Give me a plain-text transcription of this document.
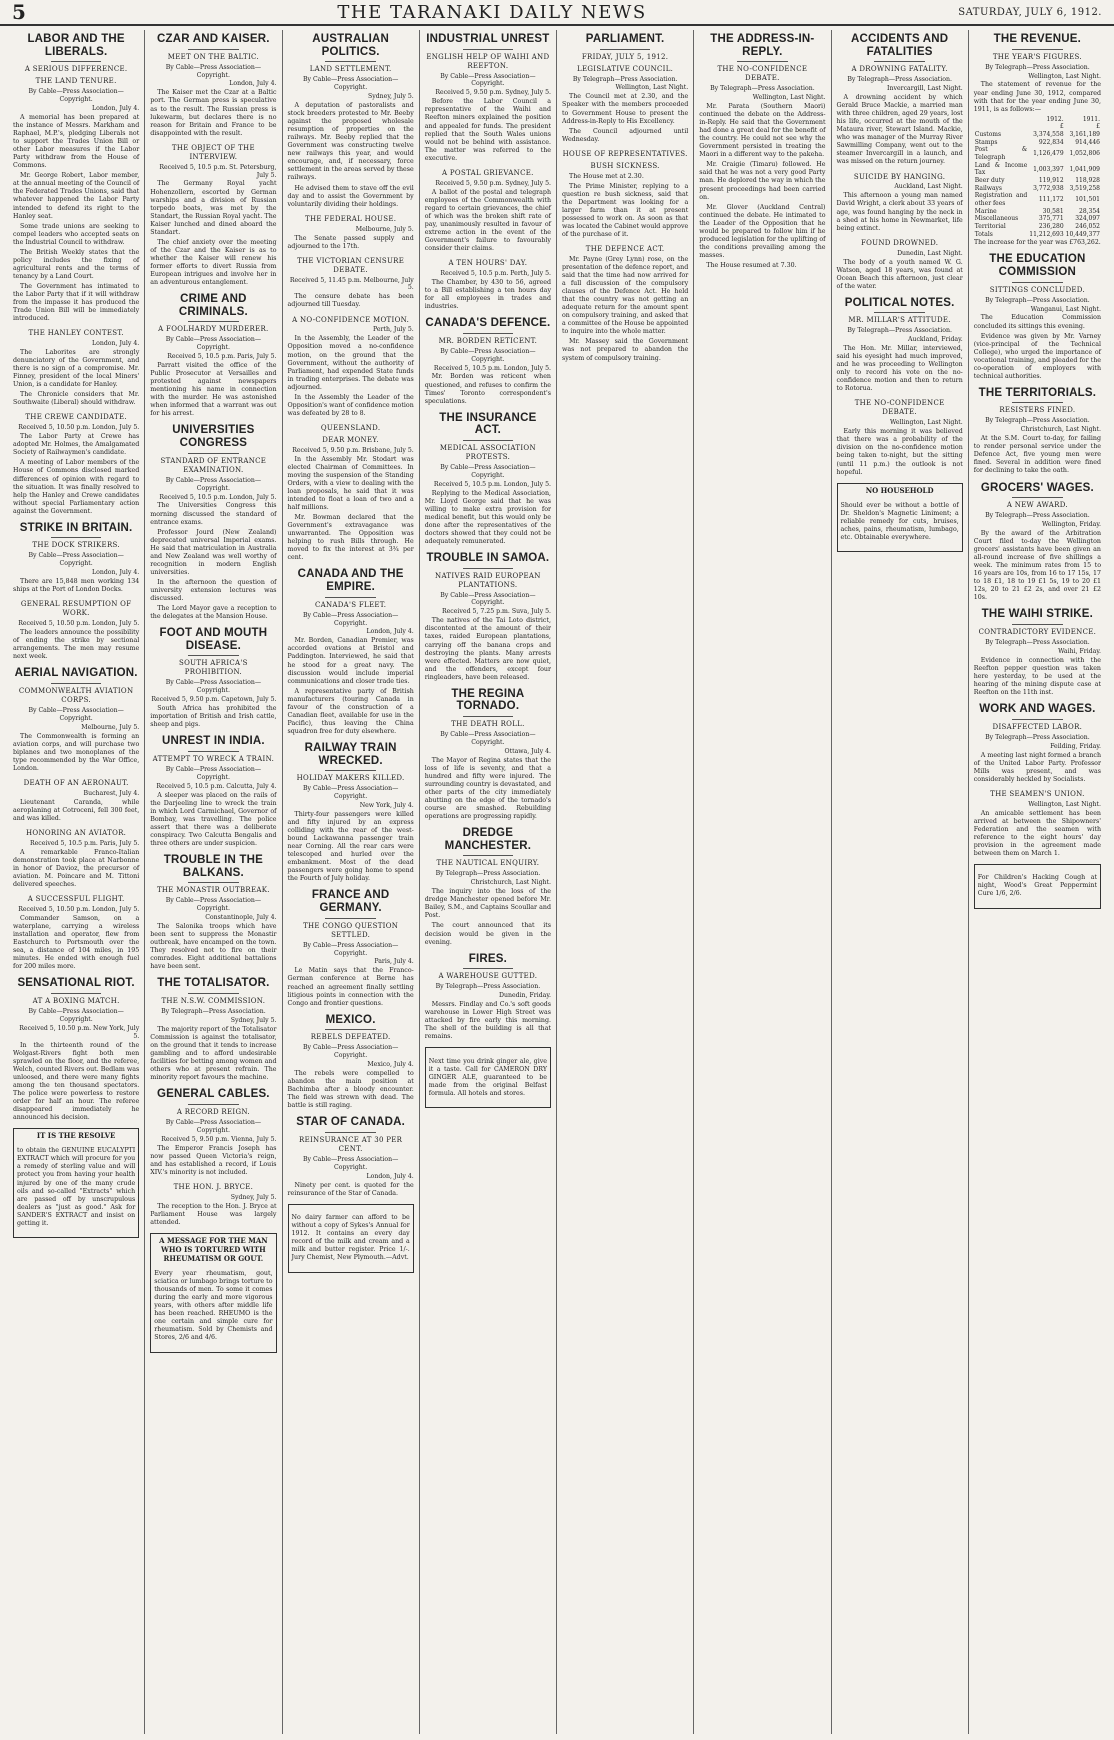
5	THE TARANAKI DAILY NEWS	SATURDAY, JULY 6, 1912.
LABOR AND THE LIBERALS.
A SERIOUS DIFFERENCE.
THE LAND TENURE.
By Cable—Press Association—Copyright.
London, July 4.

A memorial has been prepared at the instance of Messrs. Markham and Raphael, M.P.'s, pledging Liberals not to support the Trades Union Bill or other Labor measures if the Labor Party withdraw from the House of Commons.

Mr. George Robert, Labor member, at the annual meeting of the Council of the Federated Trades Unions, said that whatever happened the Labor Party intended to defend its right to the Hanley seat.

Some trade unions are seeking to compel leaders who accepted seats on the Industrial Council to withdraw.

The British Weekly states that the policy includes the fixing of agricultural rents and the terms of tenancy by a Land Court.

The Government has intimated to the Labor Party that if it will withdraw from the impasse it has produced the Trade Union Bill will be immediately introduced.

THE HANLEY CONTEST.
London, July 4.

The Laborites are strongly denunciatory of the Government, and there is no sign of a compromise. Mr. Finney, president of the local Miners' Union, is a candidate for Hanley.

The Chronicle considers that Mr. Southwaite (Liberal) should withdraw.

THE CREWE CANDIDATE.
Received 5, 10.50 p.m. London, July 5.

The Labor Party at Crewe has adopted Mr. Holmes, the Amalgamated Society of Railwaymen's candidate.

A meeting of Labor members of the House of Commons disclosed marked differences of opinion with regard to the situation. It was finally resolved to help the Hanley and Crewe candidates without special Parliamentary action against the Government.

STRIKE IN BRITAIN.
THE DOCK STRIKERS.
By Cable—Press Association—Copyright.
London, July 4.

There are 15,848 men working 134 ships at the Port of London Docks.

GENERAL RESUMPTION OF WORK.
Received 5, 10.50 p.m. London, July 5.

The leaders announce the possibility of ending the strike by sectional arrangements. The men may resume next week.

AERIAL NAVIGATION.
COMMONWEALTH AVIATION CORPS.
By Cable—Press Association—Copyright.
Melbourne, July 5.

The Commonwealth is forming an aviation corps, and will purchase two biplanes and two monoplanes of the type recommended by the War Office, London.

DEATH OF AN AERONAUT.
Bucharest, July 4.

Lieutenant Caranda, while aeroplaning at Cotroceni, fell 300 feet, and was killed.

HONORING AN AVIATOR.
Received 5, 10.5 p.m. Paris, July 5.

A remarkable Franco-Italian demonstration took place at Narbonne in honor of Davioz, the precursor of aviation. M. Poincare and M. Tittoni delivered speeches.

A SUCCESSFUL FLIGHT.
Received 5, 10.50 p.m. London, July 5.

Commander Samson, on a waterplane, carrying a wireless installation and operator, flew from Eastchurch to Portsmouth over the sea, a distance of 104 miles, in 195 minutes. He ended with enough fuel for 200 miles more.

SENSATIONAL RIOT.
AT A BOXING MATCH.
By Cable—Press Association—Copyright.
Received 5, 10.50 p.m. New York, July 5.

In the thirteenth round of the Wolgast-Rivers fight both men sprawled on the floor, and the referee, Welch, counted Rivers out. Bedlam was unloosed, and there were many fights among the ten thousand spectators. The police were powerless to restore order for half an hour. The referee disappeared immediately he announced his decision.

IT IS THE RESOLVE

to obtain the GENUINE EUCALYPTI EXTRACT which will procure for you a remedy of sterling value and will protect you from having your health injured by one of the many crude oils and so-called "Extracts" which are passed off by unscrupulous dealers as "just as good." Ask for SANDER'S EXTRACT and insist on getting it.

CZAR AND KAISER.
MEET ON THE BALTIC.
By Cable—Press Association—Copyright.
London, July 4.

The Kaiser met the Czar at a Baltic port. The German press is speculative as to the result. The Russian press is lukewarm, but declares there is no reason for Britain and France to be disappointed with the result.

THE OBJECT OF THE INTERVIEW.
Received 5, 10.5 p.m. St. Petersburg, July 5.

The Germany Royal yacht Hohenzollern, escorted by German warships and a division of Russian torpedo boats, was met by the Standart, the Russian Royal yacht. The Kaiser lunched and dined aboard the Standart.

The chief anxiety over the meeting of the Czar and the Kaiser is as to whether the Kaiser will renew his former efforts to divert Russia from European intrigues and involve her in an adventurous entanglement.

CRIME AND CRIMINALS.
A FOOLHARDY MURDERER.
By Cable—Press Association—Copyright.
Received 5, 10.5 p.m. Paris, July 5.

Parratt visited the office of the Public Prosecutor at Versailles and protested against newspapers mentioning his name in connection with the murder. He was astonished when informed that a warrant was out for his arrest.

UNIVERSITIES CONGRESS
STANDARD OF ENTRANCE EXAMINATION.
By Cable—Press Association—Copyright.
Received 5, 10.5 p.m. London, July 5.

The Universities Congress this morning discussed the standard of entrance exams.

Professor Jourd (New Zealand) deprecated universal Imperial exams. He said that matriculation in Australia and New Zealand was well worthy of recognition in modern English universities.

In the afternoon the question of university extension lectures was discussed.

The Lord Mayor gave a reception to the delegates at the Mansion House.

FOOT AND MOUTH DISEASE.
SOUTH AFRICA'S PROHIBITION.
By Cable—Press Association—Copyright.
Received 5, 9.50 p.m. Capetown, July 5.

South Africa has prohibited the importation of British and Irish cattle, sheep and pigs.

UNREST IN INDIA.
ATTEMPT TO WRECK A TRAIN.
By Cable—Press Association—Copyright.
Received 5, 10.5 p.m. Calcutta, July 4.

A sleeper was placed on the rails of the Darjeeling line to wreck the train in which Lord Carmichael, Governor of Bombay, was travelling. The police assert that there was a deliberate conspiracy. Two Calcutta Bengalis and three others are under suspicion.

TROUBLE IN THE BALKANS.
THE MONASTIR OUTBREAK.
By Cable—Press Association—Copyright.
Constantinople, July 4.

The Salonika troops which have been sent to suppress the Monastir outbreak, have encamped on the town. They resolved not to fire on their comrades. Eight additional battalions have been sent.

THE TOTALISATOR.
THE N.S.W. COMMISSION.
By Telegraph—Press Association.
Sydney, July 5.

The majority report of the Totalisator Commission is against the totalisator, on the ground that it tends to increase gambling and to afford undesirable facilities for betting among women and others who at present refrain. The minority report favours the machine.

GENERAL CABLES.
A RECORD REIGN.
By Cable—Press Association—Copyright.
Received 5, 9.50 p.m. Vienna, July 5.

The Emperor Francis Joseph has now passed Queen Victoria's reign, and has established a record, if Louis XIV.'s minority is not included.

THE HON. J. BRYCE.
Sydney, July 5.

The reception to the Hon. J. Bryce at Parliament House was largely attended.

A MESSAGE FOR THE MAN WHO IS TORTURED WITH RHEUMATISM OR GOUT.

Every year rheumatism, gout, sciatica or lumbago brings torture to thousands of men. To some it comes during the early and more vigorous years, with others after middle life has been reached. RHEUMO is the one certain and simple cure for rheumatism. Sold by Chemists and Stores, 2/6 and 4/6.

AUSTRALIAN POLITICS.
LAND SETTLEMENT.
By Cable—Press Association—Copyright.
Sydney, July 5.

A deputation of pastoralists and stock breeders protested to Mr. Beeby against the proposed wholesale resumption of properties on the railways. Mr. Beeby replied that the Government was constructing twelve new railways this year, and would encourage, and, if necessary, force settlement in the areas served by these railways.

He advised them to stave off the evil day and to assist the Government by voluntarily dividing their holdings.

THE FEDERAL HOUSE.
Melbourne, July 5.

The Senate passed supply and adjourned to the 17th.

THE VICTORIAN CENSURE DEBATE.
Received 5, 11.45 p.m. Melbourne, July 5.

The censure debate has been adjourned till Tuesday.

A NO-CONFIDENCE MOTION.
Perth, July 5.

In the Assembly, the Leader of the Opposition moved a no-confidence motion, on the ground that the Government, without the authority of Parliament, had expended State funds in trading enterprises. The debate was adjourned.

In the Assembly the Leader of the Opposition's want of confidence motion was defeated by 28 to 8.

QUEENSLAND.
DEAR MONEY.
Received 5, 9.50 p.m. Brisbane, July 5.

In the Assembly Mr. Stodart was elected Chairman of Committees. In moving the suspension of the Standing Orders, with a view to dealing with the loan proposals, he said that it was intended to float a loan of two and a half millions.

Mr. Bowman declared that the Government's extravagance was unwarranted. The Opposition was helping to rush Bills through. He moved to fix the interest at 3¾ per cent.

CANADA AND THE EMPIRE.
CANADA'S FLEET.
By Cable—Press Association—Copyright.
London, July 4.

Mr. Borden, Canadian Premier, was accorded ovations at Bristol and Paddington. Interviewed, he said that he stood for a great navy. The discussion would include imperial communications and closer trade ties.

A representative party of British manufacturers (touring Canada in favour of the construction of a Canadian fleet, available for use in the Pacific), thus leaving the China squadron free for duty elsewhere.

RAILWAY TRAIN WRECKED.
HOLIDAY MAKERS KILLED.
By Cable—Press Association—Copyright.
New York, July 4.

Thirty-four passengers were killed and fifty injured by an express colliding with the rear of the west-bound Lackawanna passenger train near Corning. All the rear cars were telescoped and hurled over the embankment. Most of the dead passengers were going home to spend the Fourth of July holiday.

FRANCE AND GERMANY.
THE CONGO QUESTION SETTLED.
By Cable—Press Association—Copyright.
Paris, July 4.

Le Matin says that the Franco-German conference at Berne has reached an agreement finally settling litigious points in connection with the Congo and frontier questions.

MEXICO.
REBELS DEFEATED.
By Cable—Press Association—Copyright.
Mexico, July 4.

The rebels were compelled to abandon the main position at Bachimba after a bloody encounter. The field was strewn with dead. The battle is still raging.

STAR OF CANADA.
REINSURANCE AT 30 PER CENT.
By Cable—Press Association—Copyright.
London, July 4.

Ninety per cent. is quoted for the reinsurance of the Star of Canada.

No dairy farmer can afford to be without a copy of Sykes's Annual for 1912. It contains an every day record of the milk and cream and a milk and butter register. Price 1/-. Jury Chemist, New Plymouth.—Advt.

INDUSTRIAL UNREST
ENGLISH HELP OF WAIHI AND REEFTON.
By Cable—Press Association—Copyright.
Received 5, 9.50 p.m. Sydney, July 5.

Before the Labor Council a representative of the Waihi and Reefton miners explained the position and appealed for funds. The president replied that the South Wales unions would not be behind with assistance. The matter was referred to the executive.

A POSTAL GRIEVANCE.
Received 5, 9.50 p.m. Sydney, July 5.

A ballot of the postal and telegraph employees of the Commonwealth with regard to certain grievances, the chief of which was the broken shift rate of pay, unanimously resulted in favour of extreme action in the event of the Government's failure to favourably consider their claims.

A TEN HOURS' DAY.
Received 5, 10.5 p.m. Perth, July 5.

The Chamber, by 430 to 56, agreed to a Bill establishing a ten hours day for all employees in trades and industries.

CANADA'S DEFENCE.
MR. BORDEN RETICENT.
By Cable—Press Association—Copyright.
Received 5, 10.5 p.m. London, July 5.

Mr. Borden was reticent when questioned, and refuses to confirm the Times' Toronto correspondent's speculations.

THE INSURANCE ACT.
MEDICAL ASSOCIATION PROTESTS.
By Cable—Press Association—Copyright.
Received 5, 10.5 p.m. London, July 5.

Replying to the Medical Association, Mr. Lloyd George said that he was willing to make extra provision for medical benefit, but this would only be done after the representatives of the doctors showed that they could not be adequately remunerated.

TROUBLE IN SAMOA.
NATIVES RAID EUROPEAN PLANTATIONS.
By Cable—Press Association—Copyright.
Received 5, 7.25 p.m. Suva, July 5.

The natives of the Tai Loto district, discontented at the amount of their taxes, raided European plantations, carrying off the banana crops and destroying the plants. Many arrests were effected. Matters are now quiet, and the offenders, except four ringleaders, have been released.

THE REGINA TORNADO.
THE DEATH ROLL.
By Cable—Press Association—Copyright.
Ottawa, July 4.

The Mayor of Regina states that the loss of life is seventy, and that a hundred and fifty were injured. The surrounding country is devastated, and other parts of the city immediately abutting on the edge of the tornado's course are smashed. Rebuilding operations are progressing rapidly.

DREDGE MANCHESTER.
THE NAUTICAL ENQUIRY.
By Telegraph—Press Association.
Christchurch, Last Night.

The inquiry into the loss of the dredge Manchester opened before Mr. Bailey, S.M., and Captains Scoullar and Post.

The court announced that its decision would be given in the evening.

FIRES.
A WAREHOUSE GUTTED.
By Telegraph—Press Association.
Dunedin, Friday.

Messrs. Findlay and Co.'s soft goods warehouse in Lower High Street was attacked by fire early this morning. The shell of the building is all that remains.

Next time you drink ginger ale, give it a taste. Call for CAMERON DRY GINGER ALE, guaranteed to be made from the original Belfast formula. All hotels and stores.

PARLIAMENT.
FRIDAY, JULY 5, 1912.
LEGISLATIVE COUNCIL.
By Telegraph—Press Association.
Wellington, Last Night.

The Council met at 2.30, and the Speaker with the members proceeded to Government House to present the Address-in-Reply to His Excellency.

The Council adjourned until Wednesday.

HOUSE OF REPRESENTATIVES.
BUSH SICKNESS.

The House met at 2.30.

The Prime Minister, replying to a question re bush sickness, said that the Department was looking for a larger farm than it at present possessed to work on. As soon as that was located the Cabinet would approve of the purchase of it.

THE DEFENCE ACT.

Mr. Payne (Grey Lynn) rose, on the presentation of the defence report, and said that the time had now arrived for a full discussion of the compulsory clauses of the Defence Act. He held that the country was not getting an adequate return for the amount spent on compulsory training, and asked that a committee of the House be appointed to inquire into the whole matter.

Mr. Massey said the Government was not prepared to abandon the system of compulsory training.

THE ADDRESS-IN-REPLY.
THE NO-CONFIDENCE DEBATE.
By Telegraph—Press Association.
Wellington, Last Night.

Mr. Parata (Southern Maori) continued the debate on the Address-in-Reply. He said that the Government had done a great deal for the benefit of the country. He could not see why the Government persisted in treating the Maori in a different way to the pakeha.

Mr. Craigie (Timaru) followed. He said that he was not a very good Party man. He deplored the way in which the present proceedings had been carried on.

Mr. Glover (Auckland Central) continued the debate. He intimated to the Leader of the Opposition that he would be prepared to follow him if he produced legislation for the uplifting of the conditions prevailing among the masses.

The House resumed at 7.30.

ACCIDENTS AND FATALITIES
A DROWNING FATALITY.
By Telegraph—Press Association.
Invercargill, Last Night.

A drowning accident by which Gerald Bruce Mackie, a married man with three children, aged 29 years, lost his life, occurred at the mouth of the Mataura river, Stewart Island. Mackie, who was manager of the Murray River Sawmilling Company, went out to the steamer Invercargill in a launch, and was missed on the return journey.

SUICIDE BY HANGING.
Auckland, Last Night.

This afternoon a young man named David Wright, a clerk about 33 years of age, was found hanging by the neck in a shed at his home in Newmarket, life being extinct.

FOUND DROWNED.
Dunedin, Last Night.

The body of a youth named W. G. Watson, aged 18 years, was found at Ocean Beach this afternoon, just clear of the water.

POLITICAL NOTES.
MR. MILLAR'S ATTITUDE.
By Telegraph—Press Association.
Auckland, Friday.

The Hon. Mr. Millar, interviewed, said his eyesight had much improved, and he was proceeding to Wellington only to record his vote on the no-confidence motion and then to return to Rotorua.

THE NO-CONFIDENCE DEBATE.
Wellington, Last Night.

Early this morning it was believed that there was a probability of the division on the no-confidence motion being taken to-night, but the sitting (until 11 p.m.) the outlook is not hopeful.

NO HOUSEHOLD

Should ever be without a bottle of Dr. Sheldon's Magnetic Liniment; a reliable remedy for cuts, bruises, aches, pains, rheumatism, lumbago, etc. Obtainable everywhere.

THE REVENUE.
THE YEAR'S FIGURES.
By Telegraph—Press Association.
Wellington, Last Night.

The statement of revenue for the year ending June 30, 1912, compared with that for the year ending June 30, 1911, is as follows:—

	1912.	1911.
	£	£
Customs	3,374,558	3,161,189
Stamps	922,834	914,446
Post & Telegraph	1,126,479	1,052,806
Land & Income Tax	1,003,397	1,041,909
Beer duty	119,912	118,928
Railways	3,772,938	3,519,258
Registration and other fees	111,172	101,501
Marine	30,581	28,354
Miscellaneous	375,771	324,097
Territorial	236,280	246,052
Totals	11,212,693	10,449,377
The increase for the year was £763,262.
THE EDUCATION COMMISSION
SITTINGS CONCLUDED.
By Telegraph—Press Association.
Wanganui, Last Night.

The Education Commission concluded its sittings this evening.

Evidence was given by Mr. Varney (vice-principal of the Technical College), who urged the importance of vocational training, and pleaded for the co-operation of employers with technical authorities.

THE TERRITORIALS.
RESISTERS FINED.
By Telegraph—Press Association.
Christchurch, Last Night.

At the S.M. Court to-day, for failing to render personal service under the Defence Act, five young men were fined. Several in addition were fined for declining to take the oath.

GROCERS' WAGES.
A NEW AWARD.
By Telegraph—Press Association.
Wellington, Friday.

By the award of the Arbitration Court filed to-day the Wellington grocers' assistants have been given an all-round increase of five shillings a week. The minimum rates from 15 to 16 years are 10s, from 16 to 17 15s, 17 to 18 £1, 18 to 19 £1 5s, 19 to 20 £1 12s, 20 to 21 £2 2s, and over 21 £2 10s.

THE WAIHI STRIKE.
CONTRADICTORY EVIDENCE.
By Telegraph—Press Association.
Waihi, Friday.

Evidence in connection with the Reefton pepper question was taken here yesterday, to be used at the hearing of the mining dispute case at Reefton on the 11th inst.

WORK AND WAGES.
DISAFFECTED LABOR.
By Telegraph—Press Association.
Feilding, Friday.

A meeting last night formed a branch of the United Labor Party. Professor Mills was present, and was considerably heckled by Socialists.

THE SEAMEN'S UNION.
Wellington, Last Night.

An amicable settlement has been arrived at between the Shipowners' Federation and the seamen with reference to the eight hours' day provision in the agreement made between them on March 1.

For Children's Hacking Cough at night, Wood's Great Peppermint Cure 1/6, 2/6.
